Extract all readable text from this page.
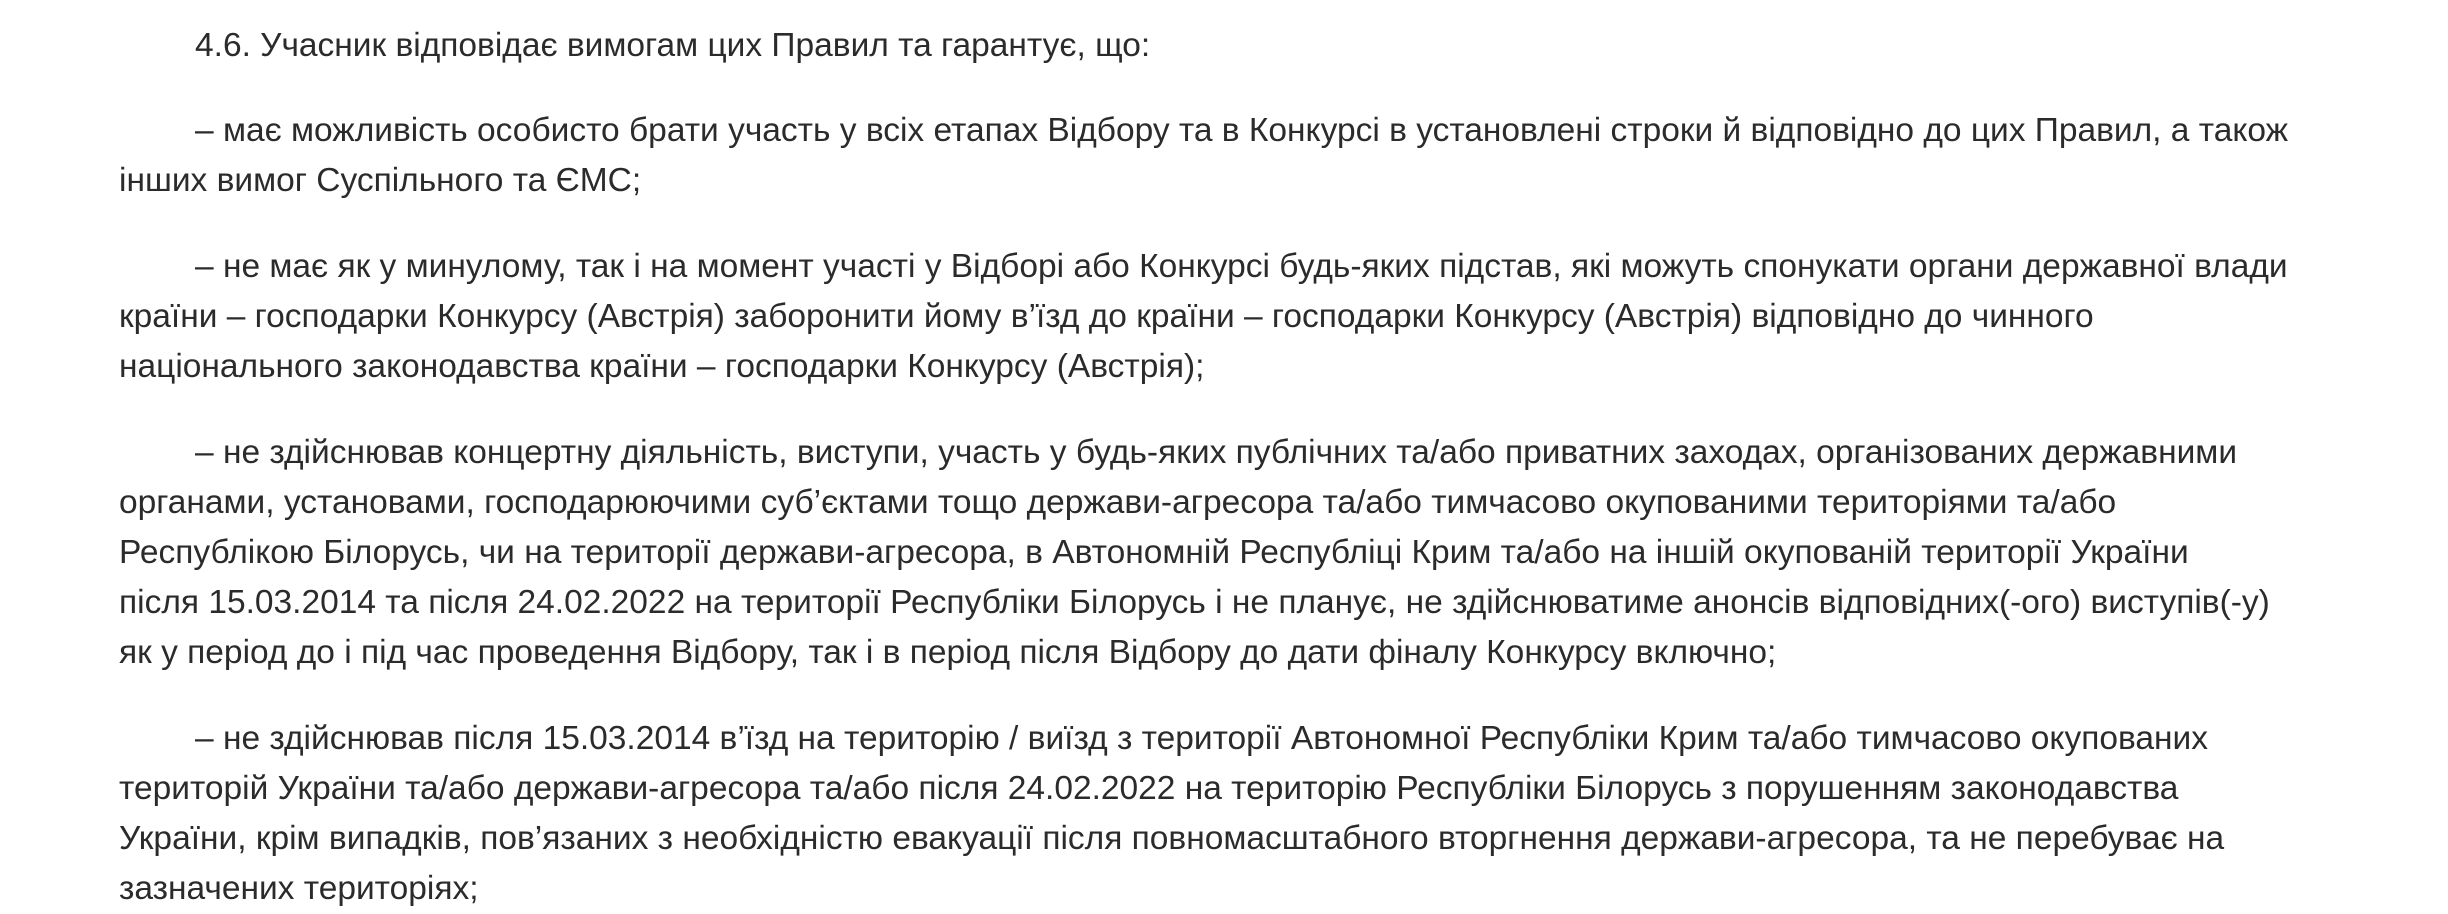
4.6. Учасник відповідає вимогам цих Правил та гарантує, що:

– має можливість особисто брати участь у всіх етапах Відбору та в Конкурсі в установлені строки й відповідно до цих Правил, а також
інших вимог Суспільного та ЄМС;

– не має як у минулому, так і на момент участі у Відборі або Конкурсі будь-яких підстав, які можуть спонукати органи державної влади
країни – господарки Конкурсу (Австрія) заборонити йому в’їзд до країни – господарки Конкурсу (Австрія) відповідно до чинного
національного законодавства країни – господарки Конкурсу (Австрія);

– не здійснював концертну діяльність, виступи, участь у будь-яких публічних та/або приватних заходах, організованих державними
органами, установами, господарюючими суб’єктами тощо держави-агресора та/або тимчасово окупованими територіями та/або
Республікою Білорусь, чи на території держави-агресора, в Автономній Республіці Крим та/або на іншій окупованій території України
після 15.03.2014 та після 24.02.2022 на території Республіки Білорусь і не планує, не здійснюватиме анонсів відповідних(-ого) виступів(-у)
як у період до і під час проведення Відбору, так і в період після Відбору до дати фіналу Конкурсу включно;

– не здійснював після 15.03.2014 в’їзд на територію / виїзд з території Автономної Республіки Крим та/або тимчасово окупованих
територій України та/або держави-агресора та/або після 24.02.2022 на територію Республіки Білорусь з порушенням законодавства
України, крім випадків, пов’язаних з необхідністю евакуації після повномасштабного вторгнення держави-агресора, та не перебуває на
зазначених територіях;
